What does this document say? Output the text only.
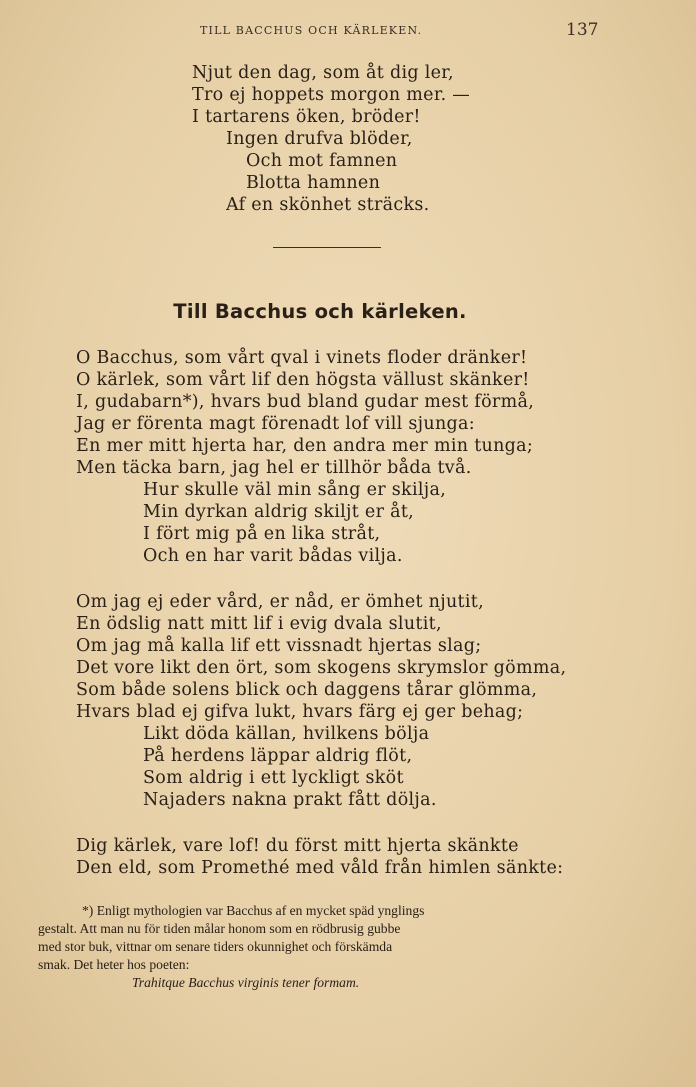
TILL BACCHUS OCH KÄRLEKEN.	137
Njut den dag, som åt dig ler,
Tro ej hoppets morgon mer. —
I tartarens öken, bröder!
Ingen drufva blöder,
Och mot famnen
Blotta hamnen
Af en skönhet sträcks.
Till Bacchus och kärleken.
O Bacchus, som vårt qval i vinets floder dränker!
O kärlek, som vårt lif den högsta vällust skänker!
I, gudabarn*), hvars bud bland gudar mest förmå,
Jag er förenta magt förenadt lof vill sjunga:
En mer mitt hjerta har, den andra mer min tunga;
Men täcka barn, jag hel er tillhör båda två.
Hur skulle väl min sång er skilja,
Min dyrkan aldrig skiljt er åt,
I fört mig på en lika stråt,
Och en har varit bådas vilja.
Om jag ej eder vård, er nåd, er ömhet njutit,
En ödslig natt mitt lif i evig dvala slutit,
Om jag må kalla lif ett vissnadt hjertas slag;
Det vore likt den ört, som skogens skrymslor gömma,
Som både solens blick och daggens tårar glömma,
Hvars blad ej gifva lukt, hvars färg ej ger behag;
Likt döda källan, hvilkens bölja
På herdens läppar aldrig flöt,
Som aldrig i ett lyckligt sköt
Najaders nakna prakt fått dölja.
Dig kärlek, vare lof! du först mitt hjerta skänkte
Den eld, som Promethé med våld från himlen sänkte:
*) Enligt mythologien var Bacchus af en mycket späd ynglings
gestalt. Att man nu för tiden målar honom som en rödbrusig gubbe
med stor buk, vittnar om senare tiders okunnighet och förskämda
smak. Det heter hos poeten:
Trahitque Bacchus virginis tener formam.
